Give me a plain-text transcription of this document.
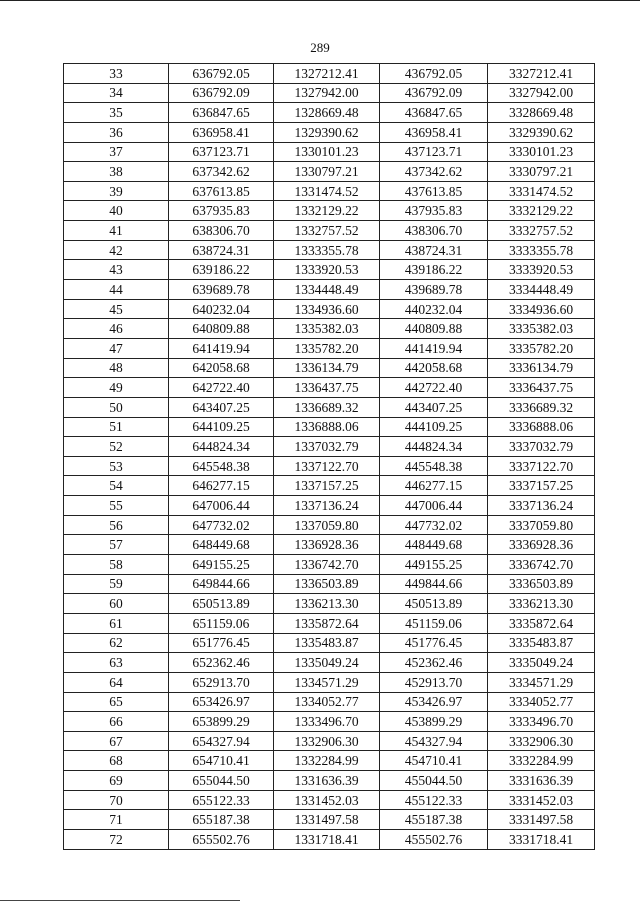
289
33	636792.05	1327212.41	436792.05	3327212.41
34	636792.09	1327942.00	436792.09	3327942.00
35	636847.65	1328669.48	436847.65	3328669.48
36	636958.41	1329390.62	436958.41	3329390.62
37	637123.71	1330101.23	437123.71	3330101.23
38	637342.62	1330797.21	437342.62	3330797.21
39	637613.85	1331474.52	437613.85	3331474.52
40	637935.83	1332129.22	437935.83	3332129.22
41	638306.70	1332757.52	438306.70	3332757.52
42	638724.31	1333355.78	438724.31	3333355.78
43	639186.22	1333920.53	439186.22	3333920.53
44	639689.78	1334448.49	439689.78	3334448.49
45	640232.04	1334936.60	440232.04	3334936.60
46	640809.88	1335382.03	440809.88	3335382.03
47	641419.94	1335782.20	441419.94	3335782.20
48	642058.68	1336134.79	442058.68	3336134.79
49	642722.40	1336437.75	442722.40	3336437.75
50	643407.25	1336689.32	443407.25	3336689.32
51	644109.25	1336888.06	444109.25	3336888.06
52	644824.34	1337032.79	444824.34	3337032.79
53	645548.38	1337122.70	445548.38	3337122.70
54	646277.15	1337157.25	446277.15	3337157.25
55	647006.44	1337136.24	447006.44	3337136.24
56	647732.02	1337059.80	447732.02	3337059.80
57	648449.68	1336928.36	448449.68	3336928.36
58	649155.25	1336742.70	449155.25	3336742.70
59	649844.66	1336503.89	449844.66	3336503.89
60	650513.89	1336213.30	450513.89	3336213.30
61	651159.06	1335872.64	451159.06	3335872.64
62	651776.45	1335483.87	451776.45	3335483.87
63	652362.46	1335049.24	452362.46	3335049.24
64	652913.70	1334571.29	452913.70	3334571.29
65	653426.97	1334052.77	453426.97	3334052.77
66	653899.29	1333496.70	453899.29	3333496.70
67	654327.94	1332906.30	454327.94	3332906.30
68	654710.41	1332284.99	454710.41	3332284.99
69	655044.50	1331636.39	455044.50	3331636.39
70	655122.33	1331452.03	455122.33	3331452.03
71	655187.38	1331497.58	455187.38	3331497.58
72	655502.76	1331718.41	455502.76	3331718.41
